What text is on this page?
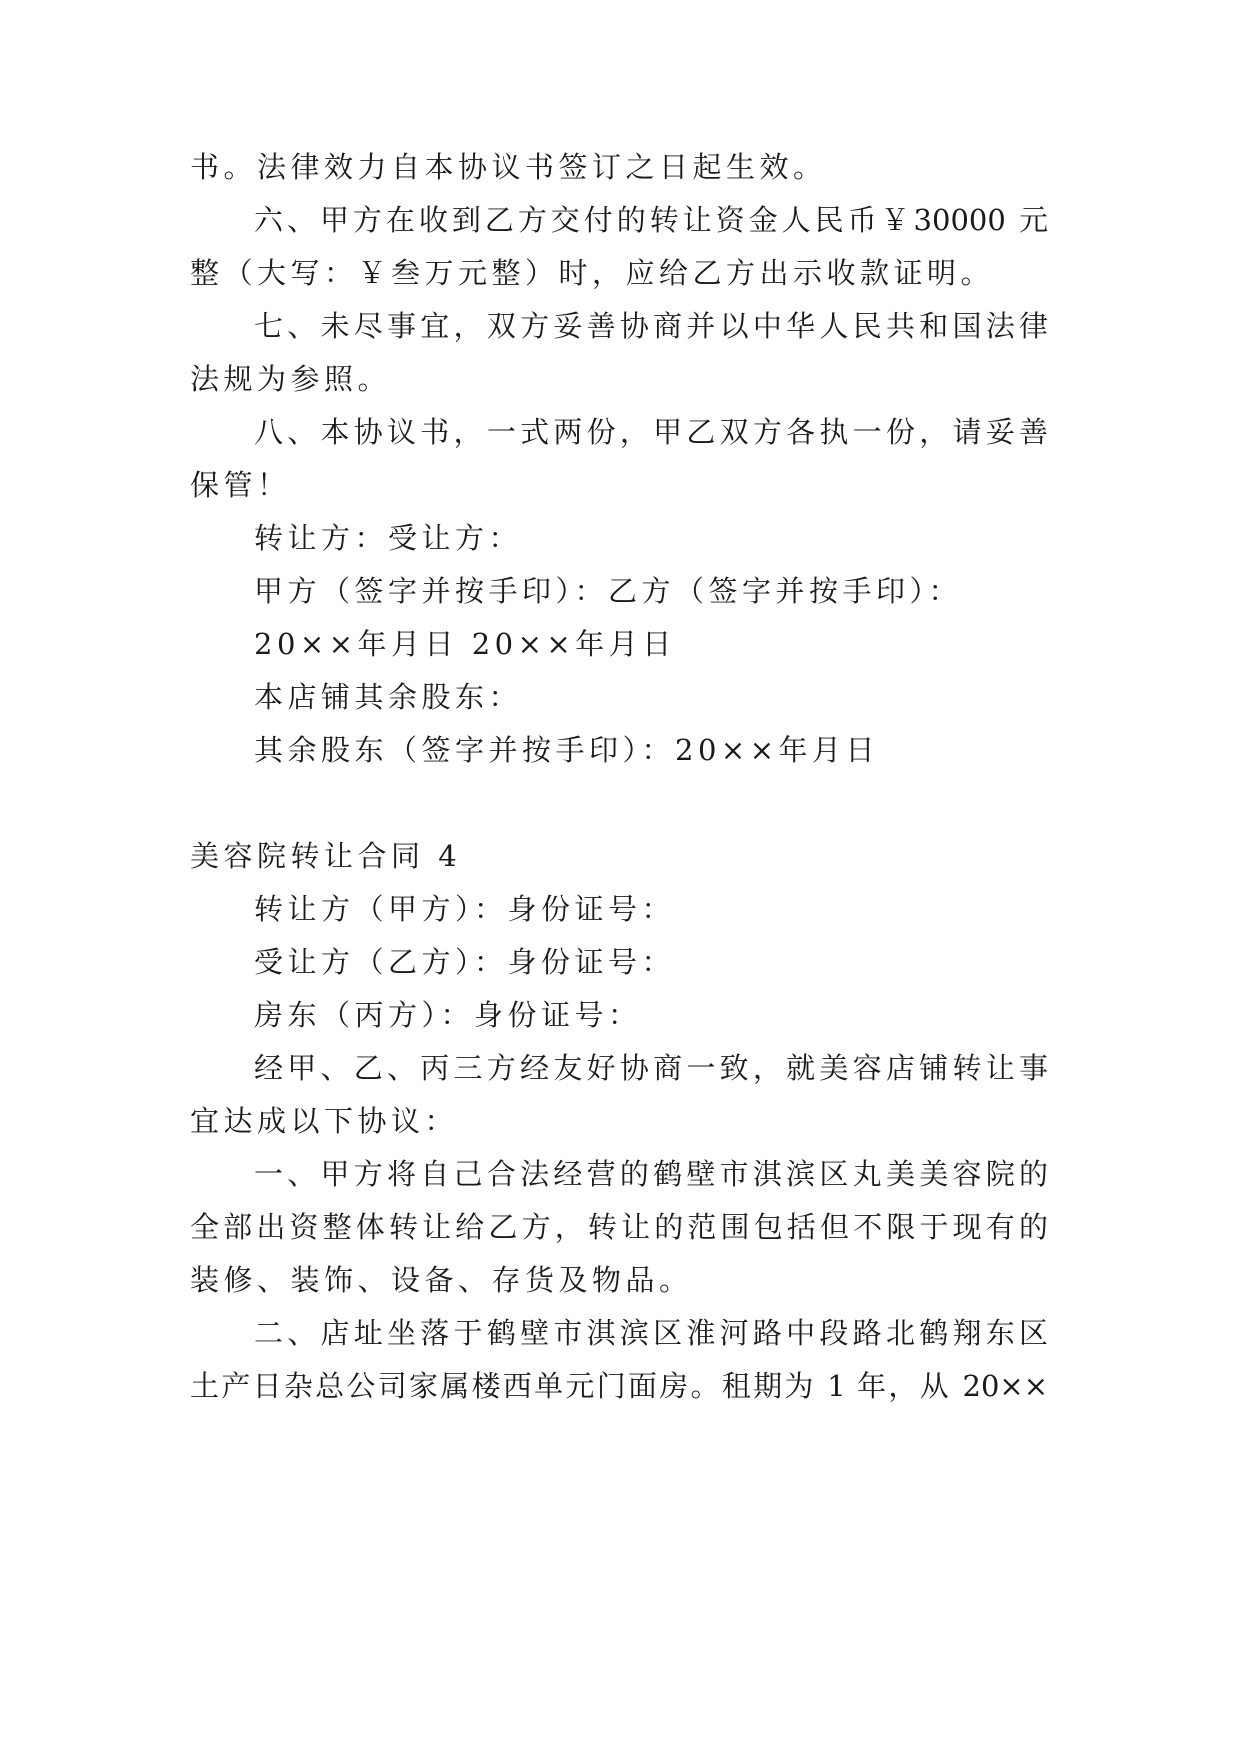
书。法律效力自本协议书签订之日起生效。
六、甲方在收到乙方交付的转让资金人民币￥30000 元
整（大写：￥叁万元整）时，应给乙方出示收款证明。
七、未尽事宜，双方妥善协商并以中华人民共和国法律
法规为参照。
八、本协议书，一式两份，甲乙双方各执一份，请妥善
保管！
转让方：受让方：
甲方（签字并按手印）：乙方（签字并按手印）：
20××年月日 20××年月日
本店铺其余股东：
其余股东（签字并按手印）：20××年月日
美容院转让合同 4
转让方（甲方）：身份证号：
受让方（乙方）：身份证号：
房东（丙方）：身份证号：
经甲、乙、丙三方经友好协商一致，就美容店铺转让事
宜达成以下协议：
一、甲方将自己合法经营的鹤壁市淇滨区丸美美容院的
全部出资整体转让给乙方，转让的范围包括但不限于现有的
装修、装饰、设备、存货及物品。
二、店址坐落于鹤壁市淇滨区淮河路中段路北鹤翔东区
土产日杂总公司家属楼西单元门面房。租期为 1 年，从 20××
